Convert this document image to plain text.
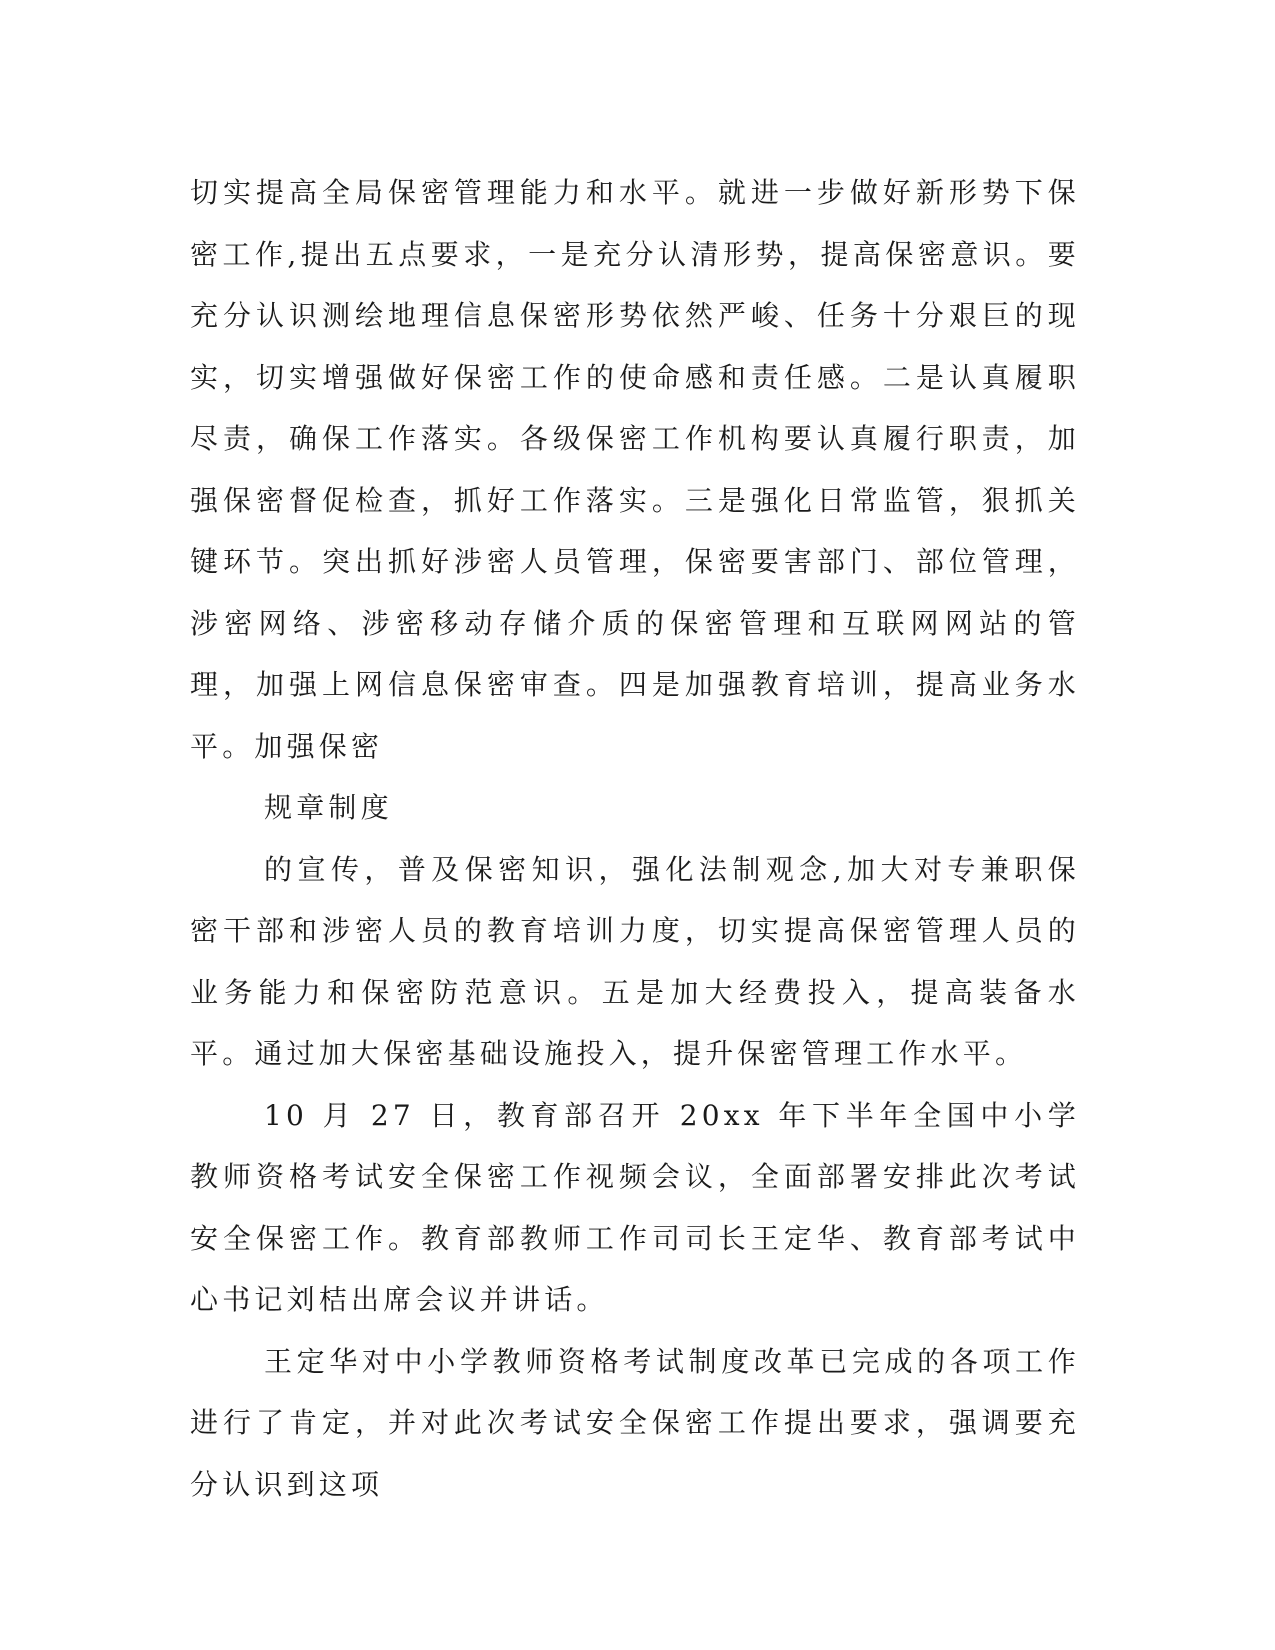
切实提高全局保密管理能力和水平。就进一步做好新形势下保密工作,提出五点要求，一是充分认清形势，提高保密意识。要充分认识测绘地理信息保密形势依然严峻、任务十分艰巨的现实，切实增强做好保密工作的使命感和责任感。二是认真履职尽责，确保工作落实。各级保密工作机构要认真履行职责，加强保密督促检查，抓好工作落实。三是强化日常监管，狠抓关键环节。突出抓好涉密人员管理，保密要害部门、部位管理，涉密网络、涉密移动存储介质的保密管理和互联网网站的管理，加强上网信息保密审查。四是加强教育培训，提高业务水平。加强保密

规章制度

的宣传，普及保密知识，强化法制观念,加大对专兼职保密干部和涉密人员的教育培训力度，切实提高保密管理人员的业务能力和保密防范意识。五是加大经费投入，提高装备水平。通过加大保密基础设施投入，提升保密管理工作水平。

10 月 27 日，教育部召开 20xx 年下半年全国中小学教师资格考试安全保密工作视频会议，全面部署安排此次考试安全保密工作。教育部教师工作司司长王定华、教育部考试中心书记刘桔出席会议并讲话。

王定华对中小学教师资格考试制度改革已完成的各项工作进行了肯定，并对此次考试安全保密工作提出要求，强调要充分认识到这项
